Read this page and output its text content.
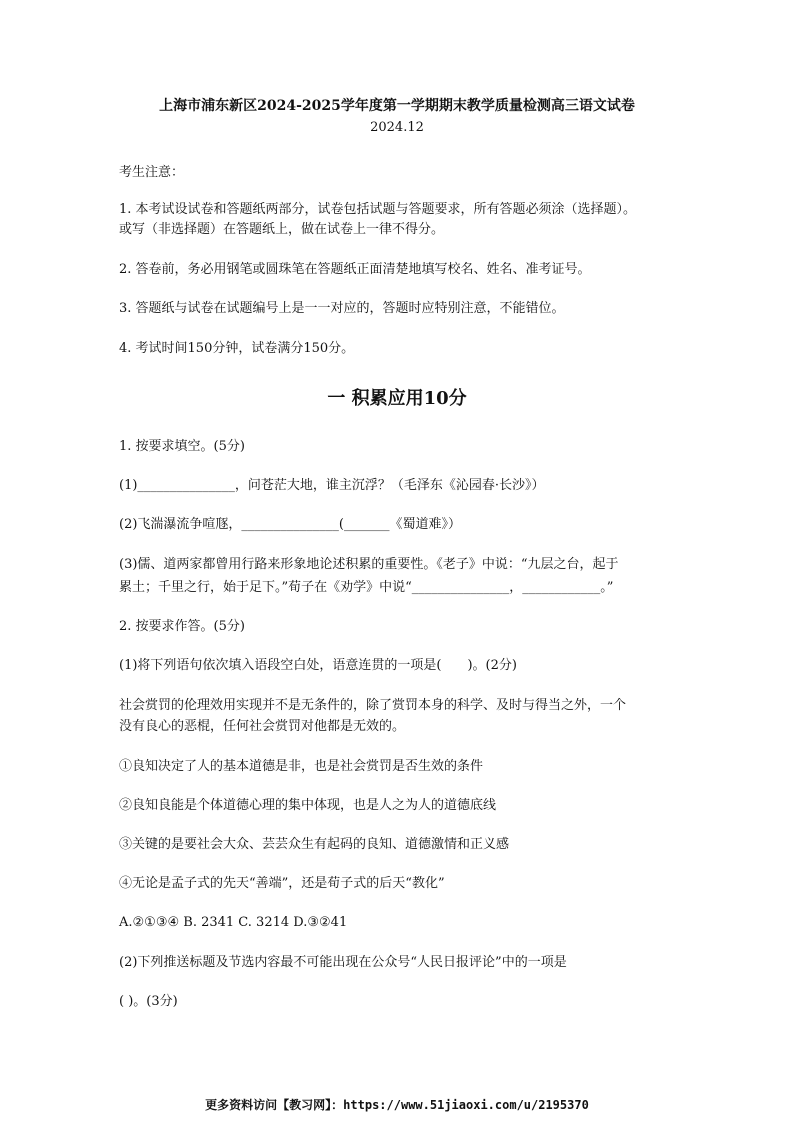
上海市浦东新区2024-2025学年度第一学期期末教学质量检测高三语文试卷
2024.12
考生注意：
1. 本考试设试卷和答题纸两部分，试卷包括试题与答题要求，所有答题必须涂（选择题）。
或写（非选择题）在答题纸上，做在试卷上一律不得分。
2. 答卷前，务必用钢笔或圆珠笔在答题纸正面清楚地填写校名、姓名、准考证号。
3. 答题纸与试卷在试题编号上是一一对应的，答题时应特别注意，不能错位。
4. 考试时间150分钟，试卷满分150分。
一 积累应用10分
1. 按要求填空。(5分)
(1)_______________，问苍茫大地，谁主沉浮？（毛泽东《沁园春·长沙》）
(2)飞湍瀑流争喧豗，_______________(_______《蜀道难》）
(3)儒、道两家都曾用行路来形象地论述积累的重要性。《老子》中说：“九层之台，起于
累土；千里之行，始于足下。”荀子在《劝学》中说“_______________，____________。”
2. 按要求作答。(5分)
(1)将下列语句依次填入语段空白处，语意连贯的一项是(　　)。(2分)
社会赏罚的伦理效用实现并不是无条件的，除了赏罚本身的科学、及时与得当之外，一个
没有良心的恶棍，任何社会赏罚对他都是无效的。
①良知决定了人的基本道德是非，也是社会赏罚是否生效的条件
②良知良能是个体道德心理的集中体现，也是人之为人的道德底线
③关键的是要社会大众、芸芸众生有起码的良知、道德激情和正义感
④无论是孟子式的先天“善端”，还是荀子式的后天“教化”
A.②①③④ B. 2341 C. 3214 D.③②41
(2)下列推送标题及节选内容最不可能出现在公众号“人民日报评论”中的一项是
( )。(3分)
更多资料访问【教习网】：https://www.51jiaoxi.com/u/2195370
